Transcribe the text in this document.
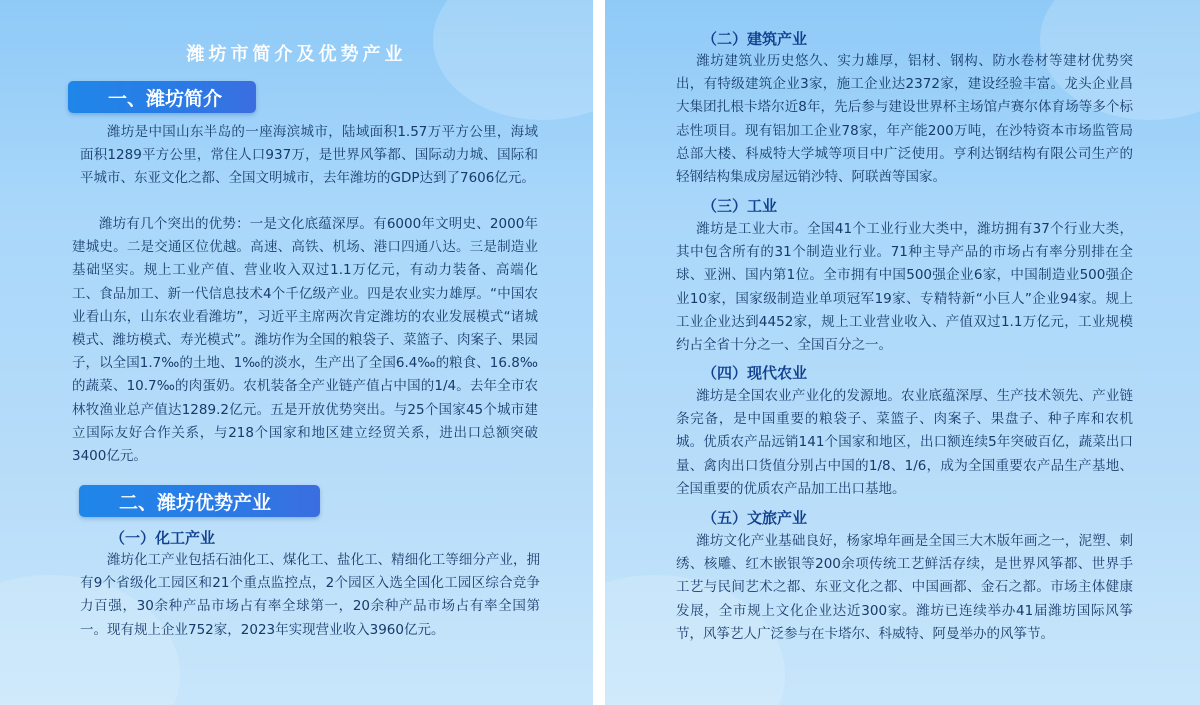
潍坊市简介及优势产业
一、潍坊简介

潍坊是中国山东半岛的一座海滨城市，陆域面积1.57万平方公里，海域面积1289平方公里，常住人口937万，是世界风筝都、国际动力城、国际和平城市、东亚文化之都、全国文明城市，去年潍坊的GDP达到了7606亿元。

潍坊有几个突出的优势：一是文化底蕴深厚。有6000年文明史、2000年建城史。二是交通区位优越。高速、高铁、机场、港口四通八达。三是制造业基础坚实。规上工业产值、营业收入双过1.1万亿元，有动力装备、高端化工、食品加工、新一代信息技术4个千亿级产业。四是农业实力雄厚。“中国农业看山东，山东农业看潍坊”，习近平主席两次肯定潍坊的农业发展模式“诸城模式、潍坊模式、寿光模式”。潍坊作为全国的粮袋子、菜篮子、肉案子、果园子，以全国1.7‰的土地、1‰的淡水，生产出了全国6.4‰的粮食、16.8‰的蔬菜、10.7‰的肉蛋奶。农机装备全产业链产值占中国的1/4。去年全市农林牧渔业总产值达1289.2亿元。五是开放优势突出。与25个国家45个城市建立国际友好合作关系，与218个国家和地区建立经贸关系，进出口总额突破3400亿元。

二、潍坊优势产业
（一）化工产业

潍坊化工产业包括石油化工、煤化工、盐化工、精细化工等细分产业，拥有9个省级化工园区和21个重点监控点，2个园区入选全国化工园区综合竞争力百强，30余种产品市场占有率全球第一，20余种产品市场占有率全国第一。现有规上企业752家，2023年实现营业收入3960亿元。

（二）建筑产业

潍坊建筑业历史悠久、实力雄厚，铝材、钢构、防水卷材等建材优势突出，有特级建筑企业3家，施工企业达2372家，建设经验丰富。龙头企业昌大集团扎根卡塔尔近8年，先后参与建设世界杯主场馆卢赛尔体育场等多个标志性项目。现有铝加工企业78家，年产能200万吨，在沙特资本市场监管局总部大楼、科威特大学城等项目中广泛使用。亨利达钢结构有限公司生产的轻钢结构集成房屋远销沙特、阿联酋等国家。

（三）工业

潍坊是工业大市。全国41个工业行业大类中，潍坊拥有37个行业大类，其中包含所有的31个制造业行业。71种主导产品的市场占有率分别排在全球、亚洲、国内第1位。全市拥有中国500强企业6家，中国制造业500强企业10家，国家级制造业单项冠军19家、专精特新“小巨人”企业94家。规上工业企业达到4452家，规上工业营业收入、产值双过1.1万亿元，工业规模约占全省十分之一、全国百分之一。

（四）现代农业

潍坊是全国农业产业化的发源地。农业底蕴深厚、生产技术领先、产业链条完备，是中国重要的粮袋子、菜篮子、肉案子、果盘子、种子库和农机城。优质农产品远销141个国家和地区，出口额连续5年突破百亿，蔬菜出口量、禽肉出口货值分别占中国的1/8、1/6，成为全国重要农产品生产基地、全国重要的优质农产品加工出口基地。

（五）文旅产业

潍坊文化产业基础良好，杨家埠年画是全国三大木版年画之一，泥塑、刺绣、核雕、红木嵌银等200余项传统工艺鲜活存续，是世界风筝都、世界手工艺与民间艺术之都、东亚文化之都、中国画都、金石之都。市场主体健康发展，全市规上文化企业达近300家。潍坊已连续举办41届潍坊国际风筝节，风筝艺人广泛参与在卡塔尔、科威特、阿曼举办的风筝节。
